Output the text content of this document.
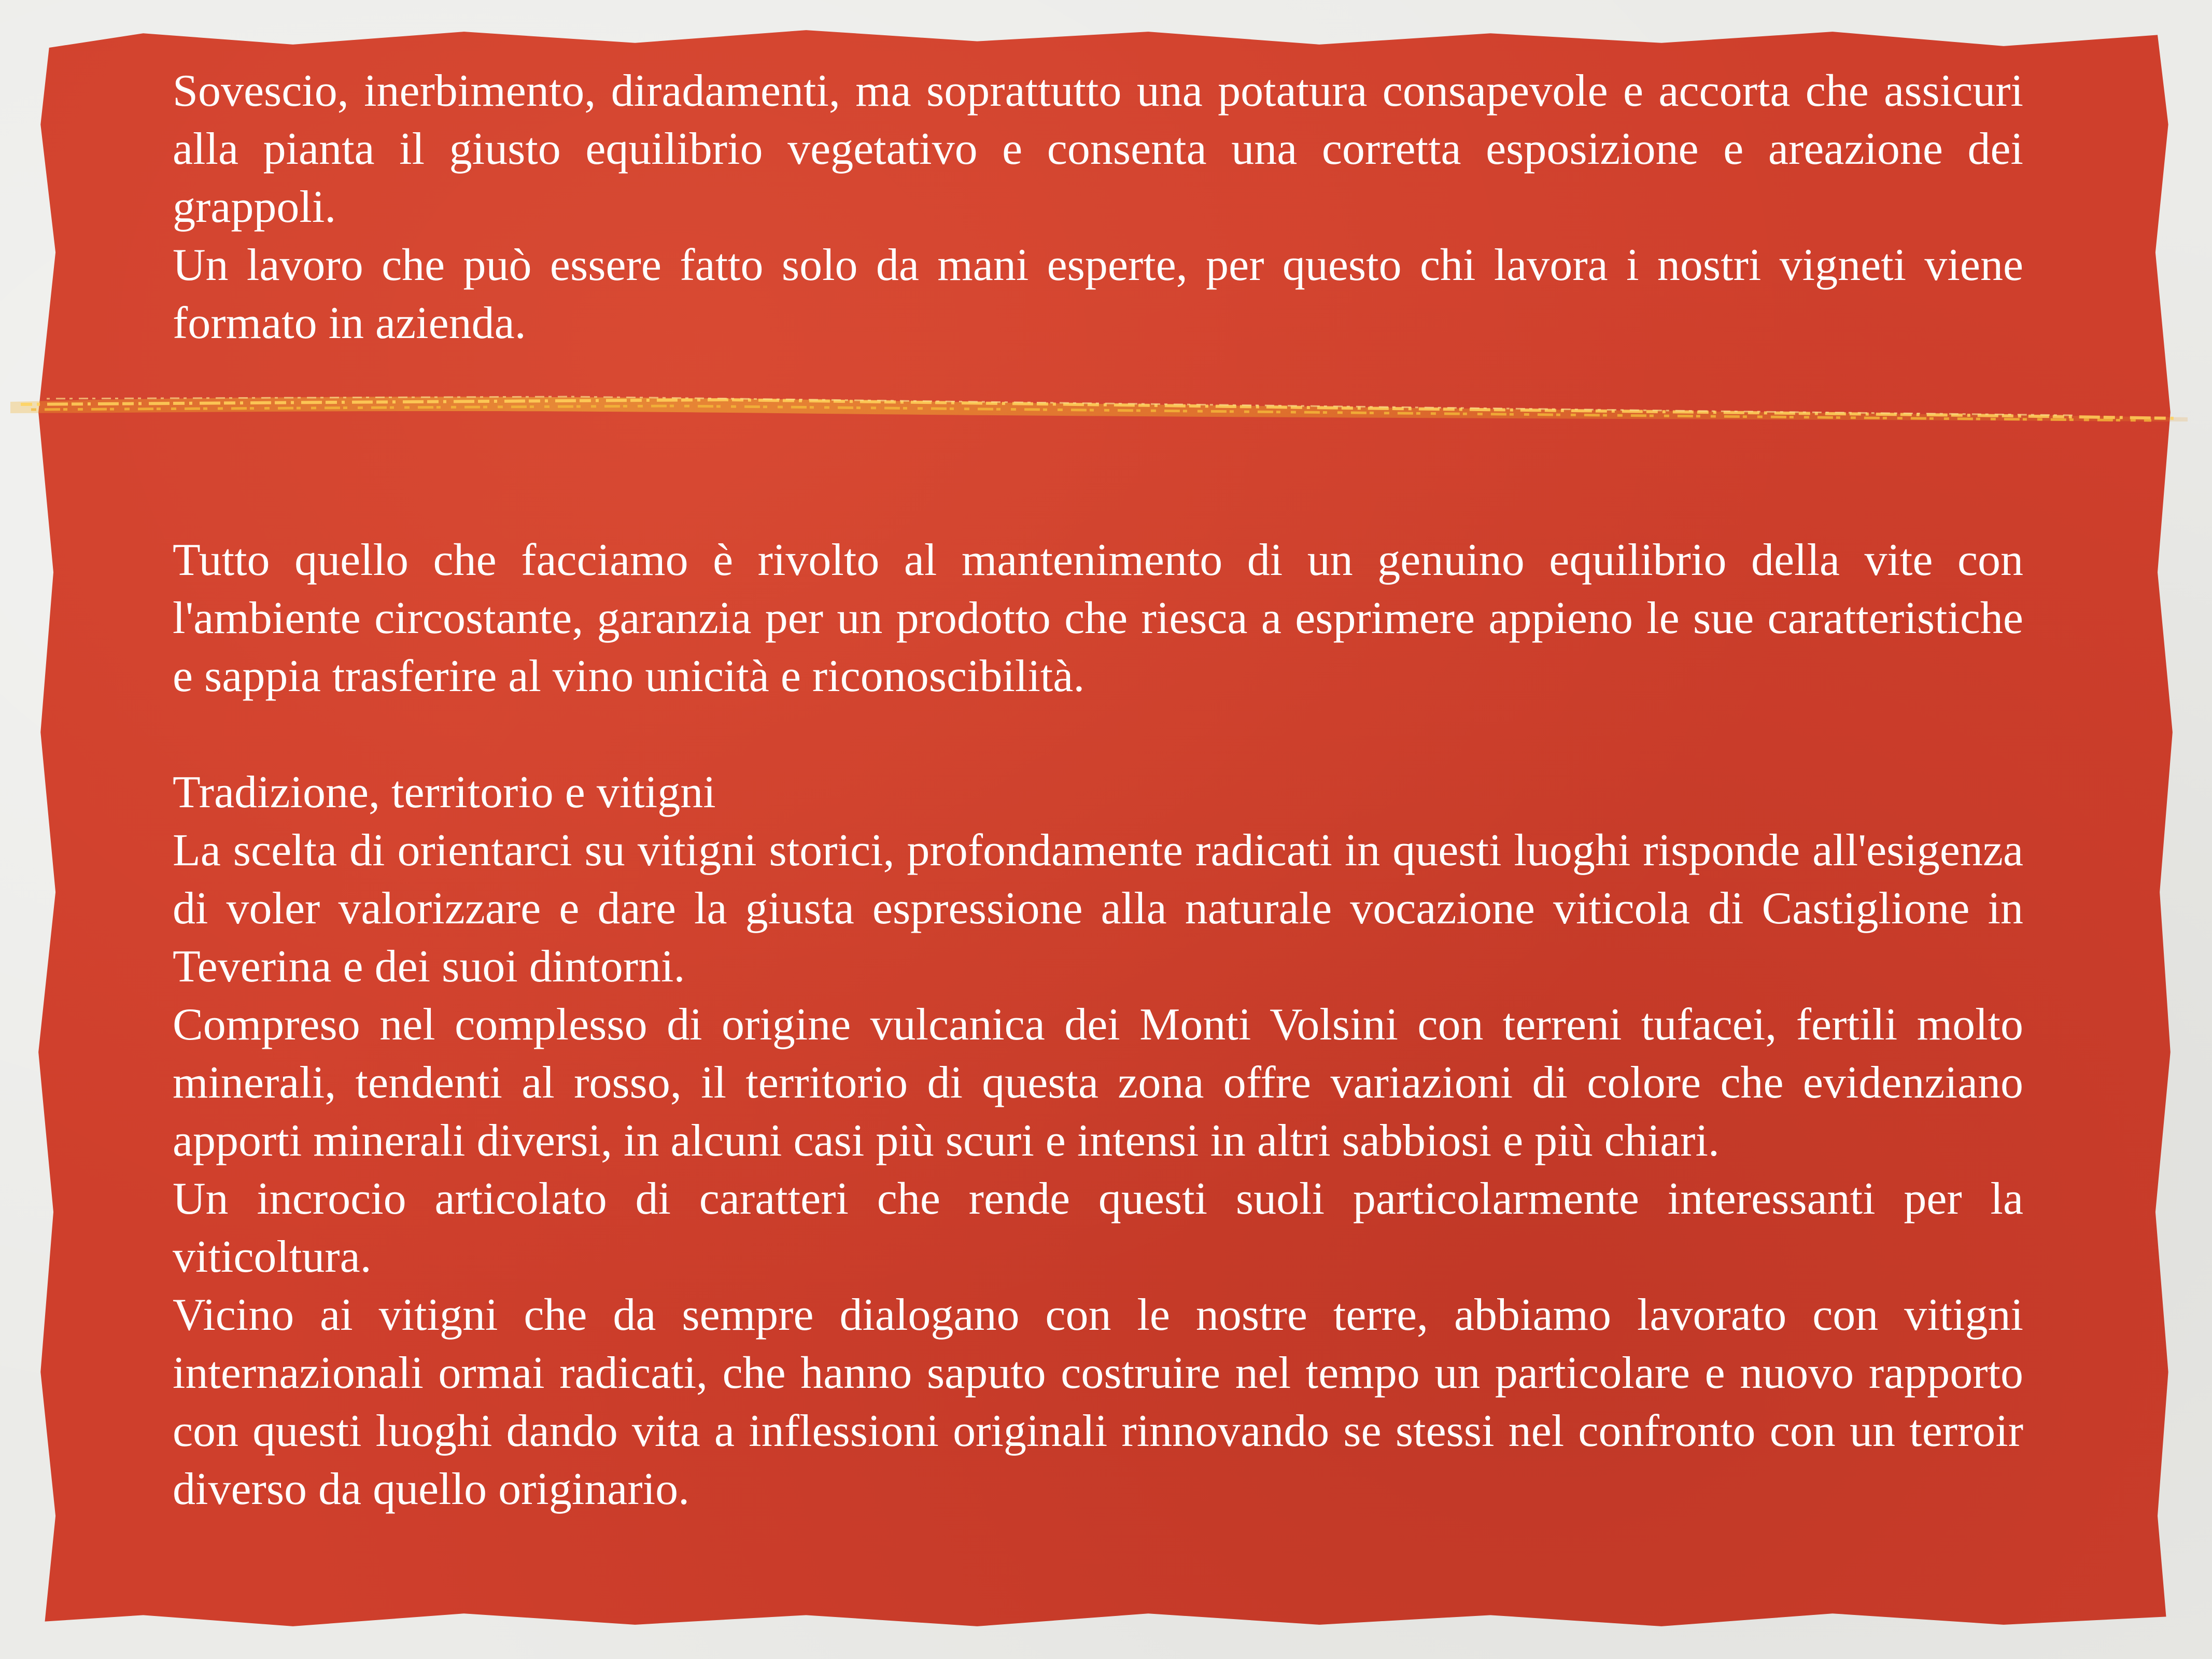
Sovescio, inerbimento, diradamenti, ma soprattutto una potatura consapevole e accorta che assicuri alla pianta il giusto equilibrio vegetativo e consenta una corretta esposizione e areazione dei grappoli.

Un lavoro che può essere fatto solo da mani esperte, per questo chi lavora i nostri vigneti viene formato in azienda.

Tutto quello che facciamo è rivolto al mantenimento di un genuino equilibrio della vite con l'ambiente circostante, garanzia per un prodotto che riesca a esprimere appieno le sue caratteristiche e sappia trasferire al vino unicità e riconoscibilità.

Tradizione, territorio e vitigni

La scelta di orientarci su vitigni storici, profondamente radicati in questi luoghi risponde all'esigenza di voler valorizzare e dare la giusta espressione alla naturale vocazione viticola di Castiglione in Teverina e dei suoi dintorni.

Compreso nel complesso di origine vulcanica dei Monti Volsini con terreni tufacei, fertili molto minerali, tendenti al rosso, il territorio di questa zona offre variazioni di colore che evidenziano apporti minerali diversi, in alcuni casi più scuri e intensi in altri sabbiosi e più chiari.

Un incrocio articolato di caratteri che rende questi suoli particolarmente interessanti per la viticoltura.

Vicino ai vitigni che da sempre dialogano con le nostre terre, abbiamo lavorato con vitigni internazionali ormai radicati, che hanno saputo costruire nel tempo un particolare e nuovo rapporto con questi luoghi dando vita a inflessioni originali rinnovando se stessi nel confronto con un terroir diverso da quello originario.
